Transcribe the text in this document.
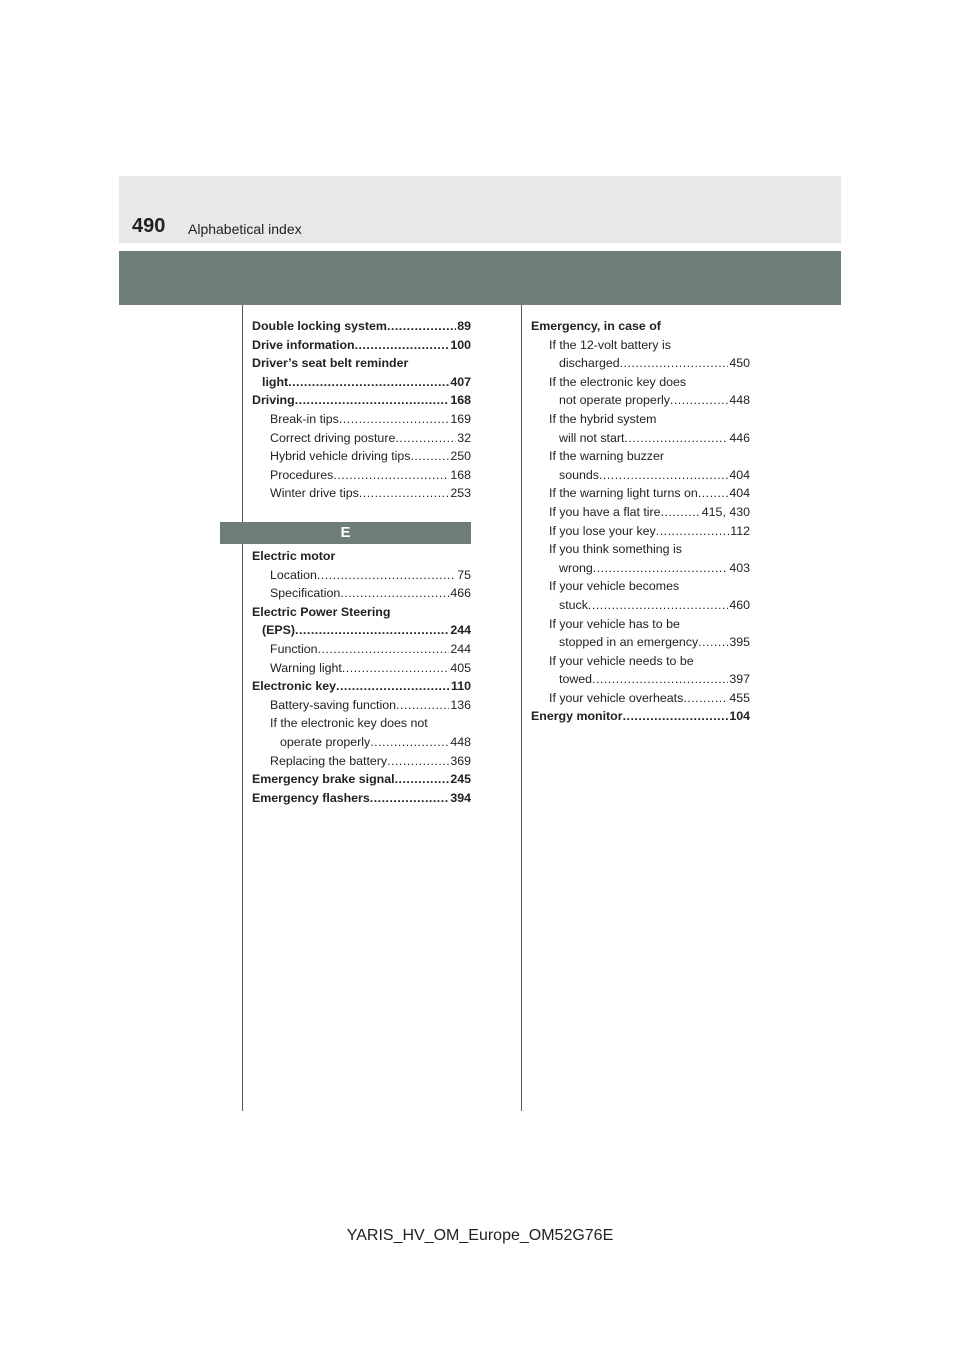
490 Alphabetical index
Double locking system .....	89
Drive information .....	100
Driver’s seat belt reminder
light .....	407
Driving .....	168
Break-in tips .....	169
Correct driving posture .....	32
Hybrid vehicle driving tips .....	250
Procedures .....	168
Winter drive tips .....	253
E
Electric motor
Location .....	75
Specification .....	466
Electric Power Steering
(EPS) .....	244
Function .....	244
Warning light .....	405
Electronic key .....	110
Battery-saving function .....	136
If the electronic key does not
operate properly .....	448
Replacing the battery .....	369
Emergency brake signal .....	245
Emergency flashers .....	394
Emergency, in case of
If the 12-volt battery is
discharged .....	450
If the electronic key does
not operate properly .....	448
If the hybrid system
will not start .....	446
If the warning buzzer
sounds .....	404
If the warning light turns on .....	404
If you have a flat tire .....	415, 430
If you lose your key .....	112
If you think something is
wrong .....	403
If your vehicle becomes
stuck .....	460
If your vehicle has to be
stopped in an emergency .....	395
If your vehicle needs to be
towed .....	397
If your vehicle overheats .....	455
Energy monitor .....	104
YARIS_HV_OM_Europe_OM52G76E
